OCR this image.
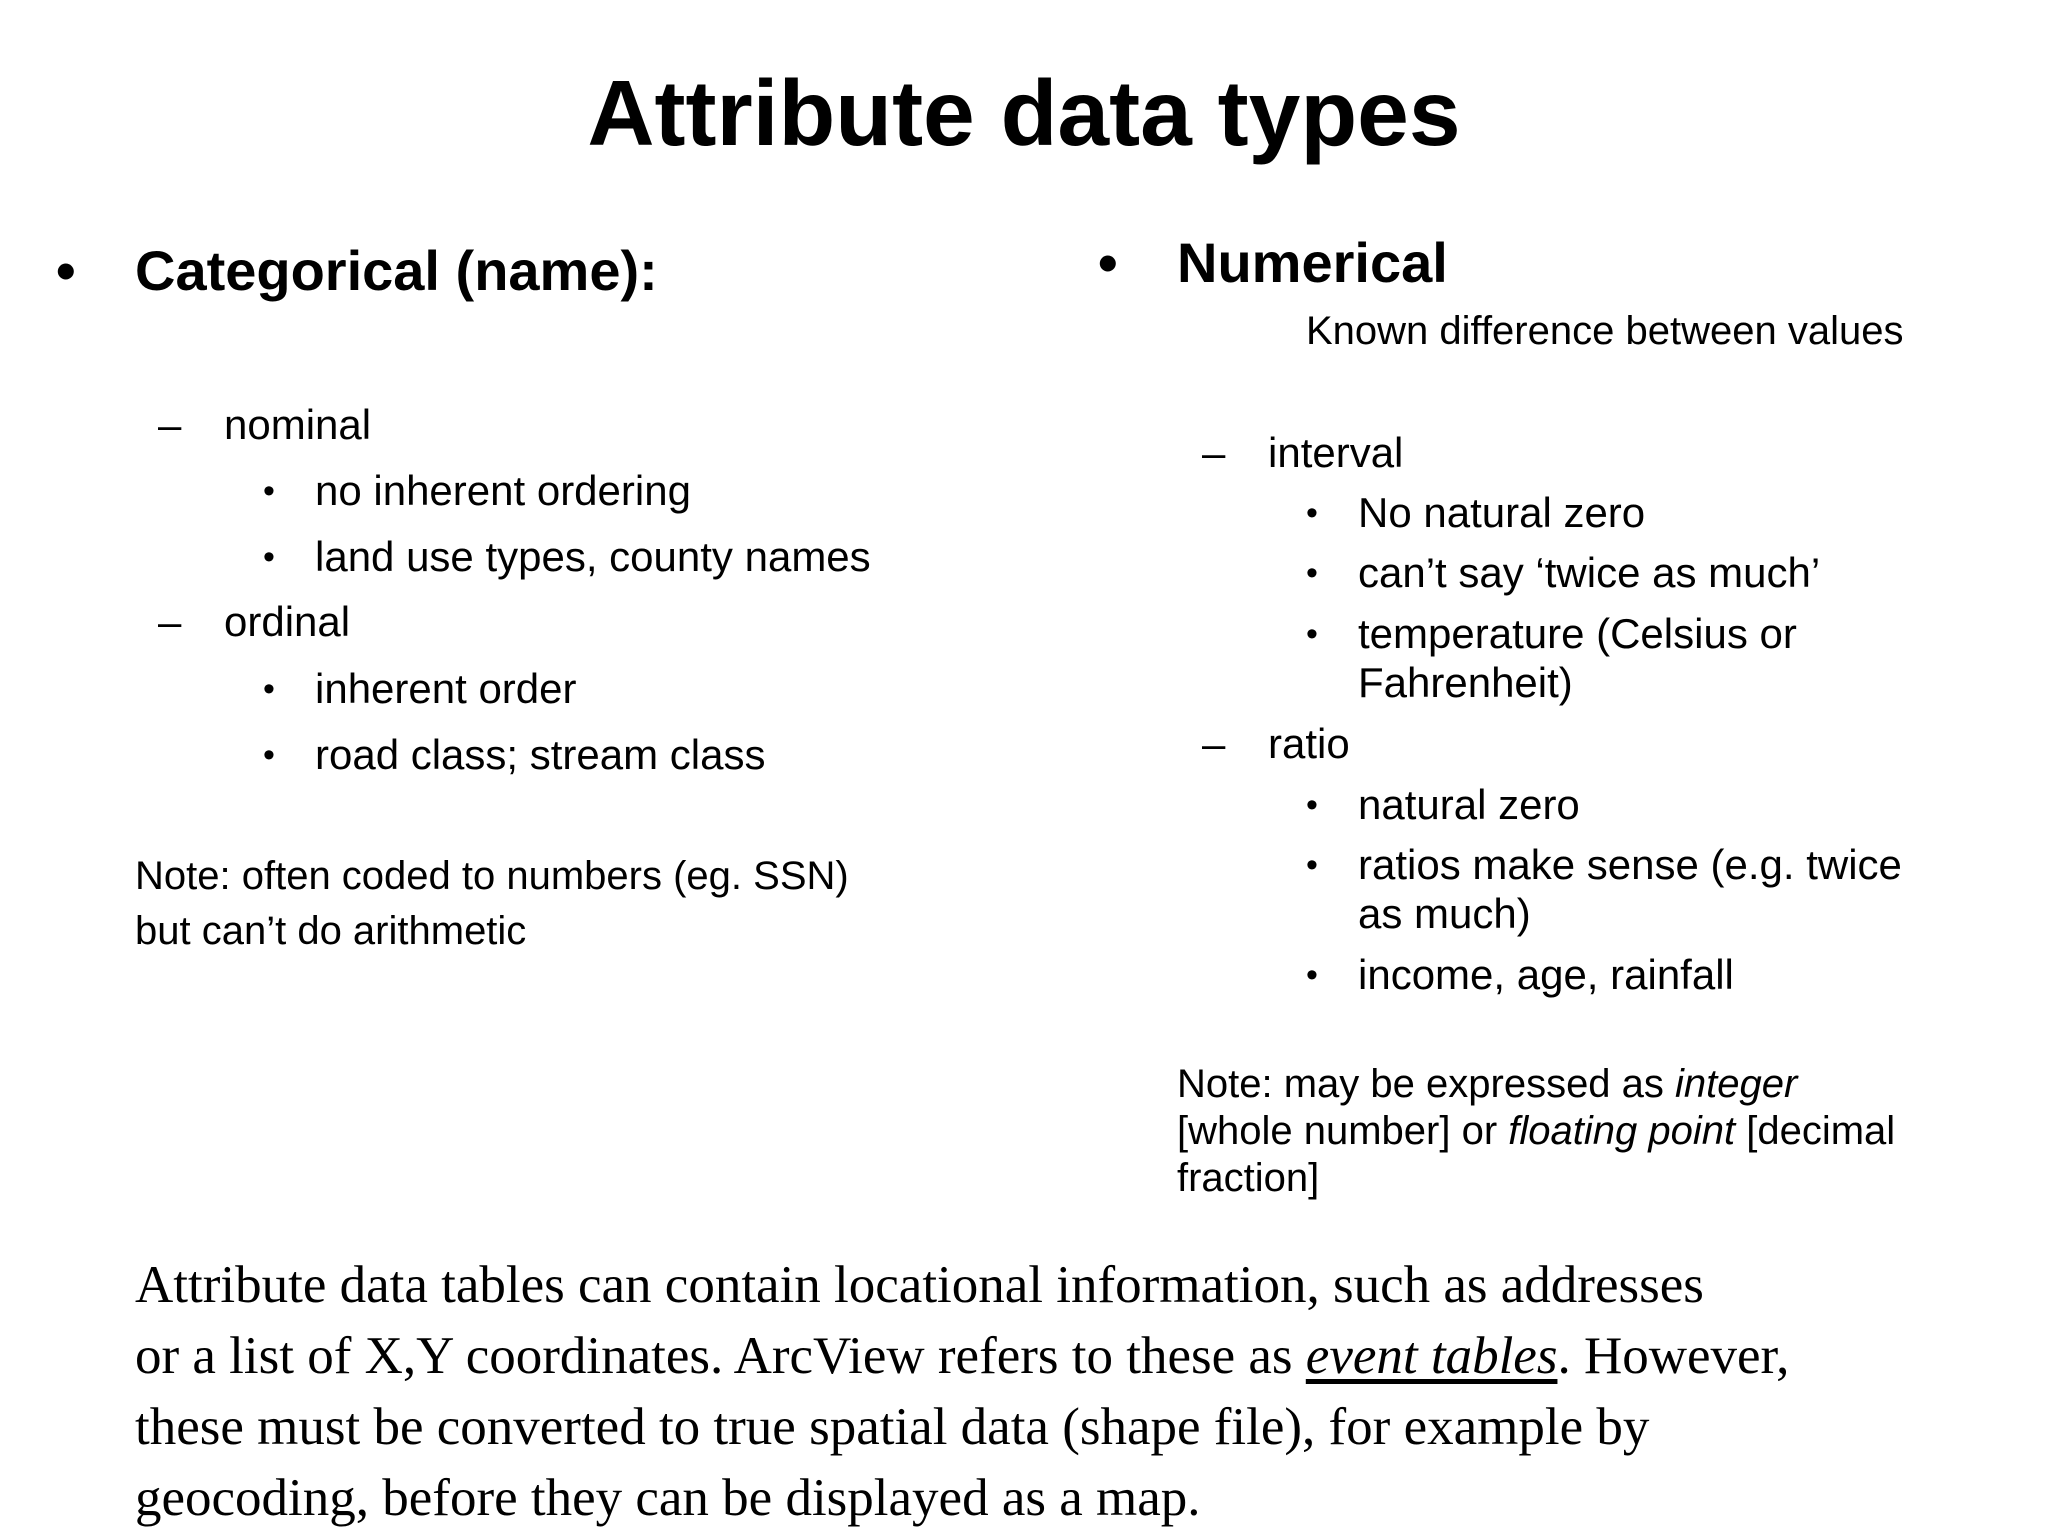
Attribute data types
• Categorical (name):
– nominal
• no inherent ordering
• land use types, county names
– ordinal
• inherent order
• road class; stream class
Note: often coded to numbers (eg. SSN)
but can’t do arithmetic
• Numerical
Known difference between values
– interval
• No natural zero
• can’t say ‘twice as much’
• temperature (Celsius or
Fahrenheit)
– ratio
• natural zero
• ratios make sense (e.g. twice
as much)
• income, age, rainfall
Note: may be expressed as integer
[whole number] or floating point [decimal
fraction]
Attribute data tables can contain locational information, such as addresses
or a list of X,Y coordinates. ArcView refers to these as event tables. However,
these must be converted to true spatial data (shape file), for example by
geocoding, before they can be displayed as a map.
